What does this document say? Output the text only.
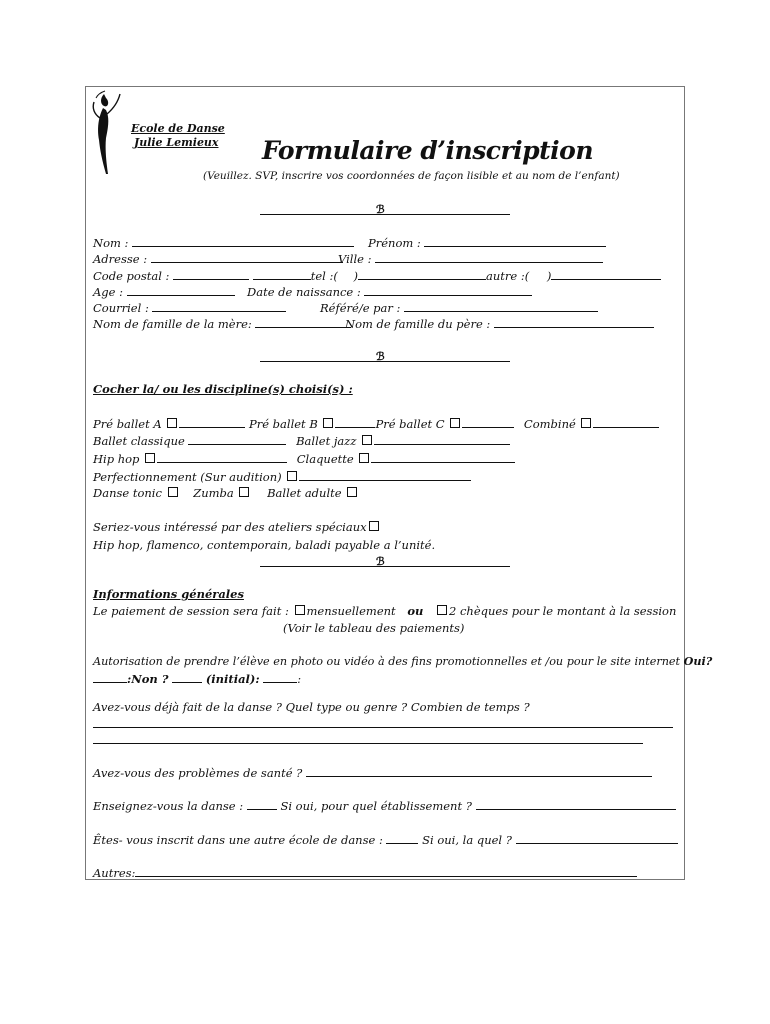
Ecole de Danse
Julie Lemieux Formulaire d’inscription
(Veuillez. SVP, inscrire vos coordonnées de façon lisible et au nom de l’enfant)
ℬ
Nom :	Prénom :
Adresse :	Ville :
Code postal :	tel :( )	autre :( )
Age :	Date de naissance :
Courriel :	Référé/e par :
Nom de famille de la mère:	Nom de famille du père :
ℬ
Cocher la/ ou les discipline(s) choisi(s) :
Pré ballet A	Pré ballet B	Pré ballet C	Combiné
Ballet classique	Ballet jazz
Hip hop	Claquette
Perfectionnement (Sur audition)
Danse tonic	Zumba	Ballet adulte
Seriez-vous intéressé par des ateliers spéciaux
Hip hop, flamenco, contemporain, baladi payable a l’unité.
ℬ
Informations générales
Le paiement de session sera fait : mensuellement ou 2 chèques pour le montant à la session
(Voir le tableau des paiements)
Autorisation de prendre l’élève en photo ou vidéo à des fins promotionnelles et /ou pour le site internet Oui?
:Non ?	(initial):	:
Avez-vous déjà fait de la danse ? Quel type ou genre ? Combien de temps ?
Avez-vous des problèmes de santé ?
Enseignez-vous la danse :	Si oui, pour quel établissement ?
Êtes- vous inscrit dans une autre école de danse :	Si oui, la quel ?
Autres:
